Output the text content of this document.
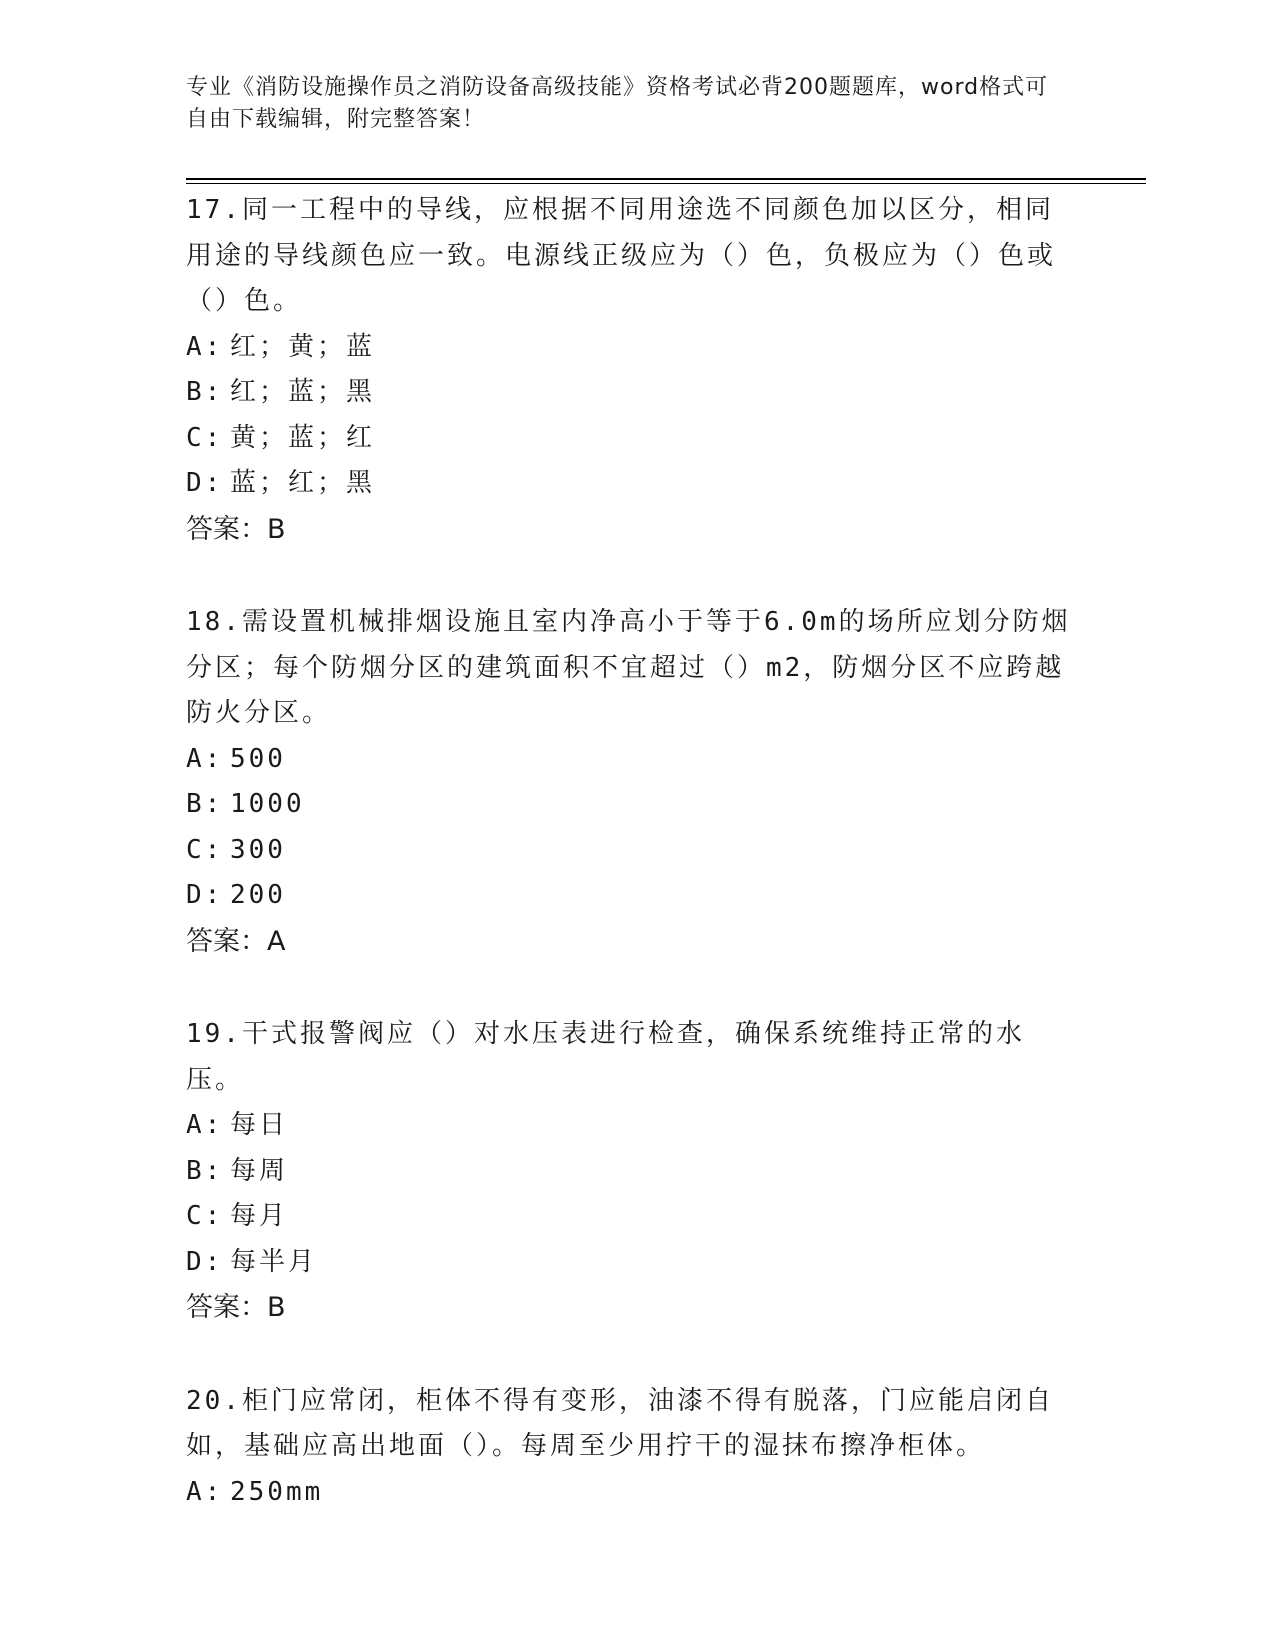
专业《消防设施操作员之消防设备高级技能》资格考试必背200题题库，word格式可自由下载编辑，附完整答案！

17.同一工程中的导线，应根据不同用途选不同颜色加以区分，相同用途的导线颜色应一致。电源线正级应为（）色，负极应为（）色或（）色。

A: 红；黄；蓝

B: 红；蓝；黑

C: 黄；蓝；红

D: 蓝；红；黑

答案：B

18.需设置机械排烟设施且室内净高小于等于6.0m的场所应划分防烟分区；每个防烟分区的建筑面积不宜超过（）m2，防烟分区不应跨越防火分区。

A: 500

B: 1000

C: 300

D: 200

答案：A

19.干式报警阀应（）对水压表进行检查，确保系统维持正常的水压。

A: 每日

B: 每周

C: 每月

D: 每半月

答案：B

20.柜门应常闭，柜体不得有变形，油漆不得有脱落，门应能启闭自如，基础应高出地面（）。每周至少用拧干的湿抹布擦净柜体。

A: 250mm
